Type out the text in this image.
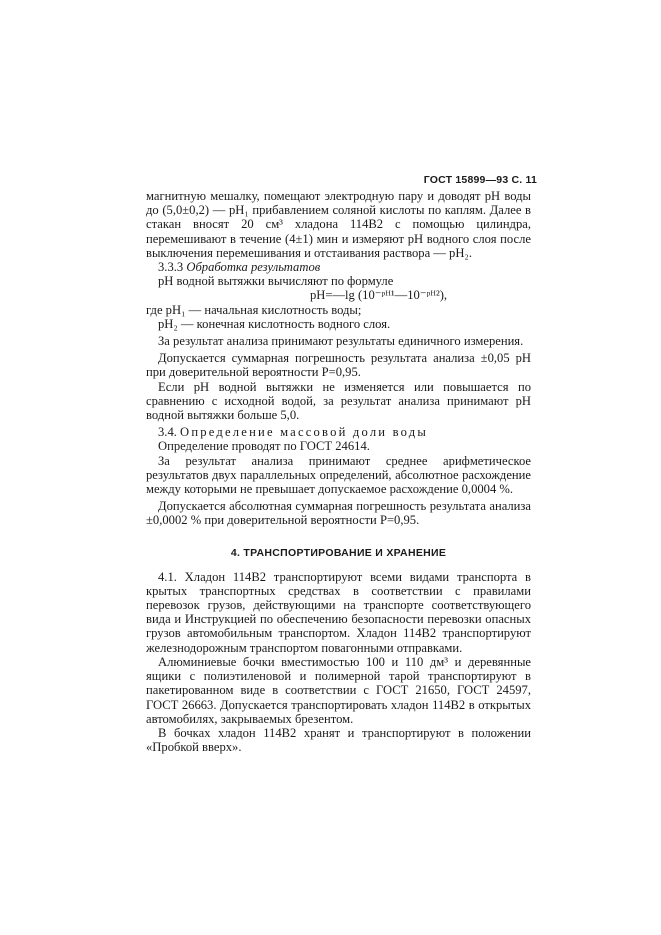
ГОСТ 15899—93 С. 11

магнитную мешалку, помещают электродную пару и доводят pH воды до (5,0±0,2) — pH₁ прибавлением соляной кислоты по каплям. Далее в стакан вносят 20 см³ хладона 114В2 с помощью цилиндра, перемешивают в течение (4±1) мин и измеряют pH водного слоя после выключения перемешивания и отстаивания раствора — pH₂.

3.3.3 Обработка результатов

pH водной вытяжки вычисляют по формуле

pH=—lg (10⁻ᵖᴴ¹—10⁻ᵖᴴ²),

где pH₁ — начальная кислотность воды;

pH₂ — конечная кислотность водного слоя.

За результат анализа принимают результаты единичного измерения.

Допускается суммарная погрешность результата анализа ±0,05 pH при доверительной вероятности P=0,95.

Если pH водной вытяжки не изменяется или повышается по сравнению с исходной водой, за результат анализа принимают pH водной вытяжки больше 5,0.

3.4. Определение массовой доли воды

Определение проводят по ГОСТ 24614.

За результат анализа принимают среднее арифметическое результатов двух параллельных определений, абсолютное расхождение между которыми не превышает допускаемое расхождение 0,0004 %.

Допускается абсолютная суммарная погрешность результата анализа ±0,0002 % при доверительной вероятности P=0,95.

4. ТРАНСПОРТИРОВАНИЕ И ХРАНЕНИЕ

4.1. Хладон 114В2 транспортируют всеми видами транспорта в крытых транспортных средствах в соответствии с правилами перевозок грузов, действующими на транспорте соответствующего вида и Инструкцией по обеспечению безопасности перевозки опасных грузов автомобильным транспортом. Хладон 114В2 транспортируют железнодорожным транспортом повагонными отправками.

Алюминиевые бочки вместимостью 100 и 110 дм³ и деревянные ящики с полиэтиленовой и полимерной тарой транспортируют в пакетированном виде в соответствии с ГОСТ 21650, ГОСТ 24597, ГОСТ 26663. Допускается транспортировать хладон 114В2 в открытых автомобилях, закрываемых брезентом.

В бочках хладон 114В2 хранят и транспортируют в положении «Пробкой вверх».
